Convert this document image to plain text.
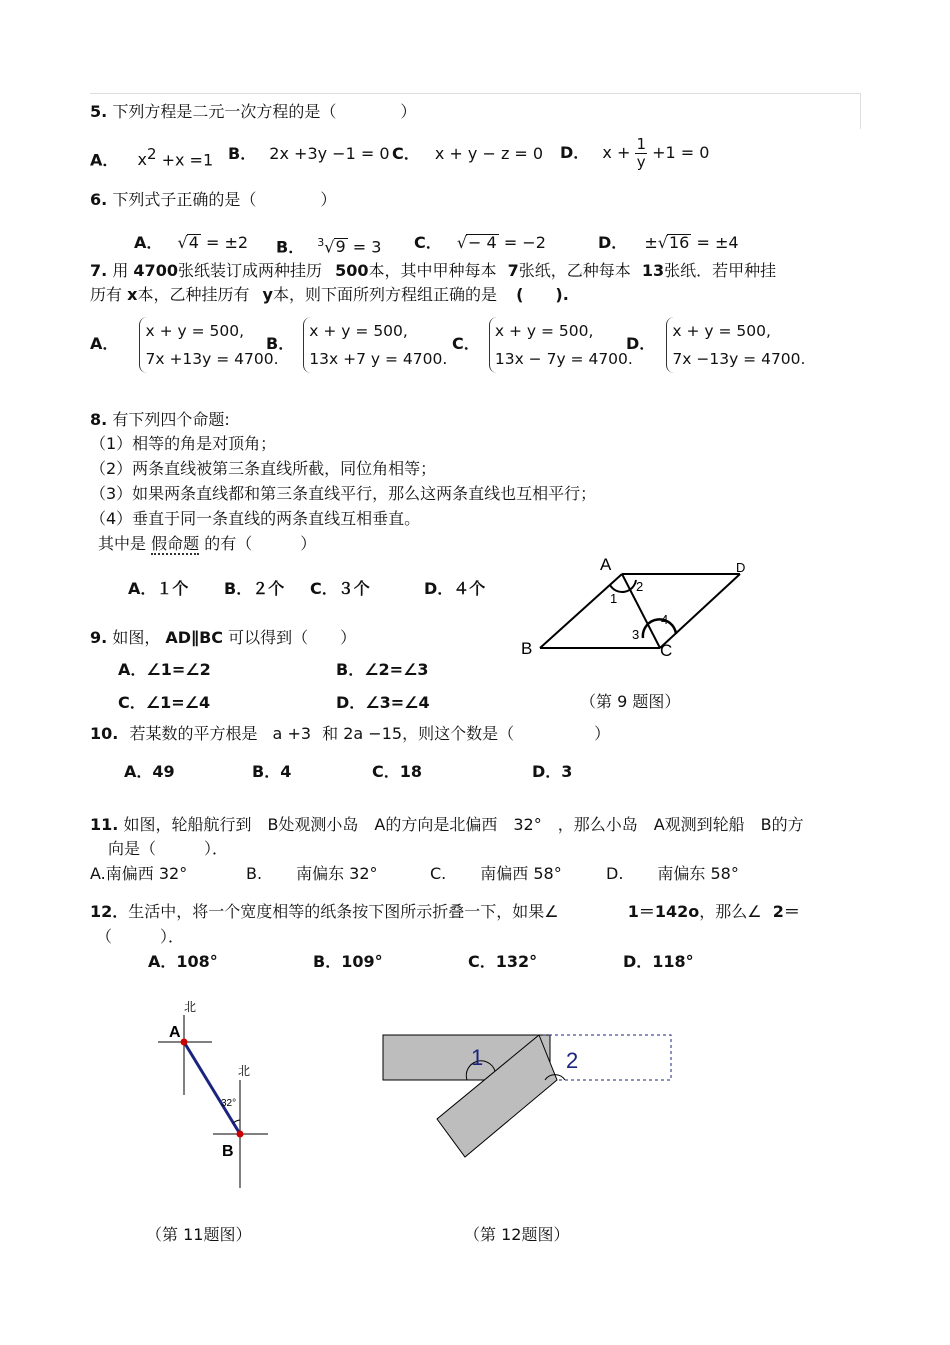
5. 下列方程是二元一次方程的是（　　　　）
A． $x^2 +x =1$ B． 2x +3y −1 = 0 C． x + y − z = 0 D． $x + \frac{1}{y} +1 = 0$
6. 下列式子正确的是（　　　　）
A． √4 = ±2 B． $^3$√9 = 3 C． √− 4 = −2	D． ±√16 = ±4
7. 用 4700张纸装订成两种挂历 500本，其中甲种每本 7张纸，乙种每本 13张纸．若甲种挂
历有 x本，乙种挂历有 y本，则下面所列方程组正确的是 (　　).
A．
x + y = 500,
7x +13y = 4700.
B．
x + y = 500,
13x +7 y = 4700.
C．
x + y = 500,
13x − 7y = 4700.
D．
x + y = 500,
7x −13y = 4700.
8. 有下列四个命题:
（1）相等的角是对顶角；
（2）两条直线被第三条直线所截，同位角相等；
（3）如果两条直线都和第三条直线平行，那么这两条直线也互相平行；
（4）垂直于同一条直线的两条直线互相垂直。
其中是 假命题 的有（　　　）
A．１个 B．２个 C．３个	D．４个
9. 如图， AD∥BC 可以得到（　　）
A．∠1=∠2	B．∠2=∠3
C．∠1=∠4	D．∠3=∠4
A	D
B	C
1
2
3
4
（第 9 题图）
10. 若某数的平方根是 a +3 和 2a −15，则这个数是（　　　　　）
A．49	B．4	C．18	D．3
11. 如图，轮船航行到　B处观测小岛　A的方向是北偏西　32°　，那么小岛　A观测到轮船　B的方
向是（　　　）．
A.南偏西 32°	B. 南偏东 32°	C. 南偏西 58°	D. 南偏东 58°
12．生活中，将一个宽度相等的纸条按下图所示折叠一下，如果∠	1＝142o，那么∠ 2＝
（　　　）．
A．108°	B．109°	C．132°	D．118°
北
北
A
B
32°
1	2
（第 11题图）	（第 12题图）
